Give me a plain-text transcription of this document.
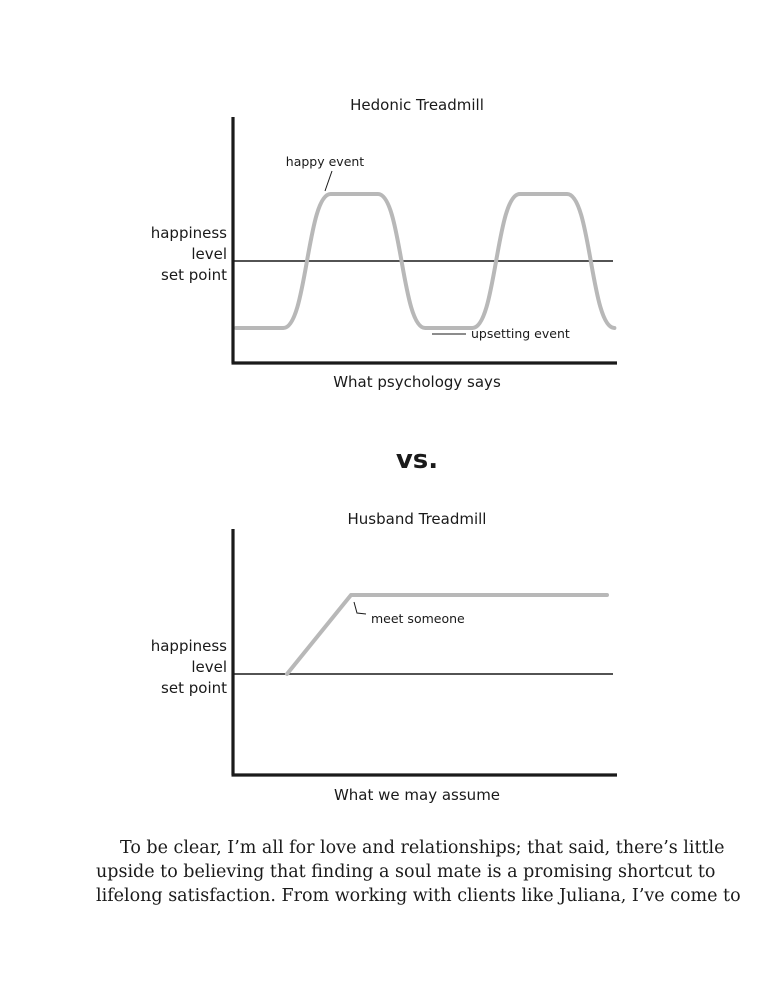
Hedonic Treadmill
happiness
level
set point
happy event
upsetting event
What psychology says
vs.
Husband Treadmill
happiness
level
set point
meet someone
What we may assume
To be clear, I’m all for love and relationships; that said, there’s little
upside to believing that finding a soul mate is a promising shortcut to
lifelong satisfaction. From working with clients like Juliana, I’ve come to
